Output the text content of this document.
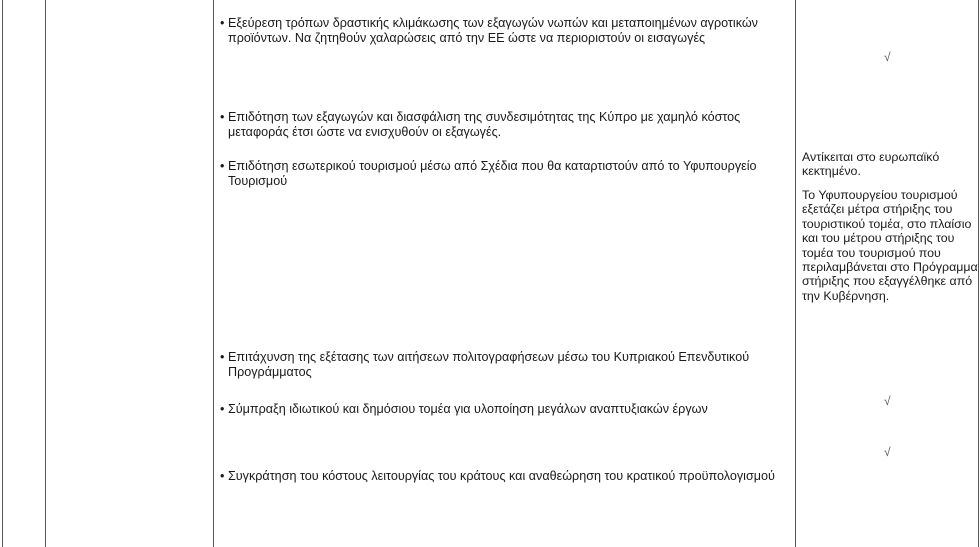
• Εξεύρεση τρόπων δραστικής κλιμάκωσης των εξαγωγών νωπών και μεταποιημένων αγροτικών προϊόντων. Να ζητηθούν χαλαρώσεις από την ΕΕ ώστε να περιοριστούν οι εισαγωγές
• Επιδότηση των εξαγωγών και διασφάλιση της συνδεσιμότητας της Κύπρο με χαμηλό κόστος μεταφοράς έτσι ώστε να ενισχυθούν οι εξαγωγές.
• Επιδότηση εσωτερικού τουρισμού μέσω από Σχέδια που θα καταρτιστούν από το Υφυπουργείο Τουρισμού
• Επιτάχυνση της εξέτασης των αιτήσεων πολιτογραφήσεων μέσω του Κυπριακού Επενδυτικού Προγράμματος
• Σύμπραξη ιδιωτικού και δημόσιου τομέα για υλοποίηση μεγάλων αναπτυξιακών έργων
• Συγκράτηση του κόστους λειτουργίας του κράτους και αναθεώρηση του κρατικού προϋπολογισμού
√
Αντίκειται στο ευρωπαϊκό κεκτημένο.
Το Υφυπουργείου τουρισμού εξετάζει μέτρα στήριξης του τουριστικού τομέα, στο πλαίσιο και του μέτρου στήριξης του τομέα του τουρισμού που περιλαμβάνεται στο Πρόγραμμα στήριξης που εξαγγέλθηκε από την Κυβέρνηση.
√
√
